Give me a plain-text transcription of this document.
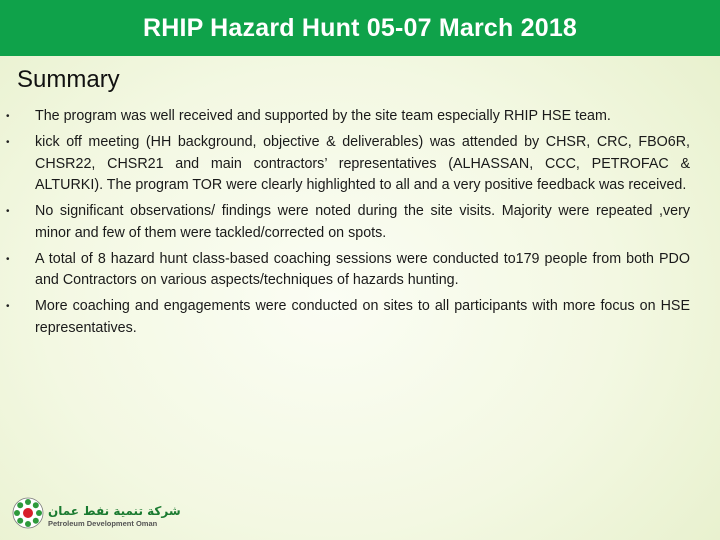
RHIP Hazard Hunt 05-07 March 2018
Summary
• The program was well received and supported by the site team especially RHIP HSE team.
• kick off meeting (HH background, objective & deliverables) was attended by CHSR, CRC, FBO6R, CHSR22, CHSR21 and main contractors’ representatives (ALHASSAN, CCC, PETROFAC & ALTURKI). The program TOR were clearly highlighted to all and a very positive feedback was received.
• No significant observations/ findings were noted during the site visits. Majority were repeated ,very minor and few of them were tackled/corrected on spots.
• A total of 8 hazard hunt class-based coaching sessions were conducted to179 people from both PDO and Contractors on various aspects/techniques of hazards hunting.
• More coaching and engagements were conducted on sites to all participants with more focus on HSE representatives.
شركة تنمية نفط عمان
Petroleum Development Oman
